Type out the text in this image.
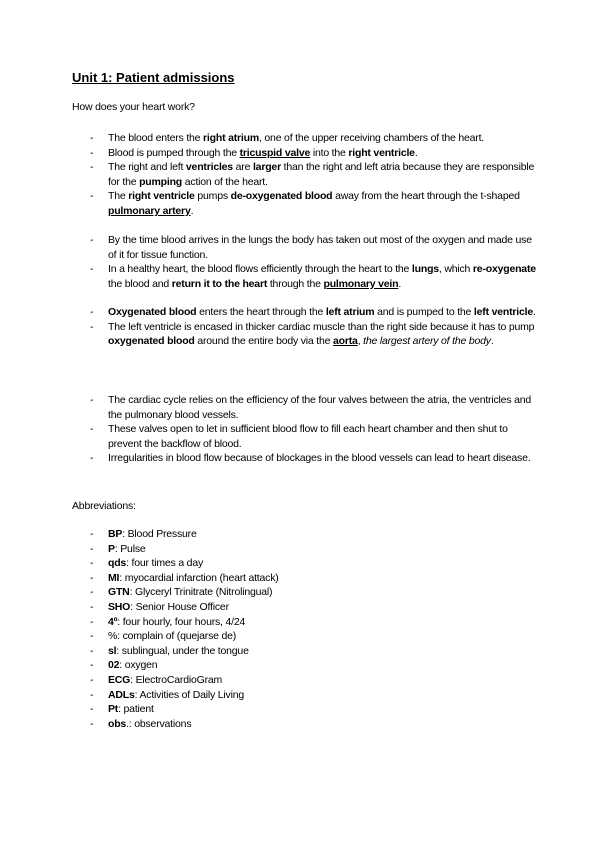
Unit 1: Patient admissions
How does your heart work?
- The blood enters the right atrium, one of the upper receiving chambers of the heart.
- Blood is pumped through the tricuspid valve into the right ventricle.
- The right and left ventricles are larger than the right and left atria because they are responsible for the pumping action of the heart.
- The right ventricle pumps de-oxygenated blood away from the heart through the t-shaped pulmonary artery.
- By the time blood arrives in the lungs the body has taken out most of the oxygen and made use of it for tissue function.
- In a healthy heart, the blood flows efficiently through the heart to the lungs, which re-oxygenate the blood and return it to the heart through the pulmonary vein.
- Oxygenated blood enters the heart through the left atrium and is pumped to the left ventricle.
- The left ventricle is encased in thicker cardiac muscle than the right side because it has to pump oxygenated blood around the entire body via the aorta, the largest artery of the body.
- The cardiac cycle relies on the efficiency of the four valves between the atria, the ventricles and the pulmonary blood vessels.
- These valves open to let in sufficient blood flow to fill each heart chamber and then shut to prevent the backflow of blood.
- Irregularities in blood flow because of blockages in the blood vessels can lead to heart disease.
Abbreviations:
- BP: Blood Pressure
- P: Pulse
- qds: four times a day
- MI: myocardial infarction (heart attack)
- GTN: Glyceryl Trinitrate (Nitrolingual)
- SHO: Senior House Officer
- 4º: four hourly, four hours, 4/24
- %: complain of (quejarse de)
- sl: sublingual, under the tongue
- 02: oxygen
- ECG: ElectroCardioGram
- ADLs: Activities of Daily Living
- Pt: patient
- obs.: observations
